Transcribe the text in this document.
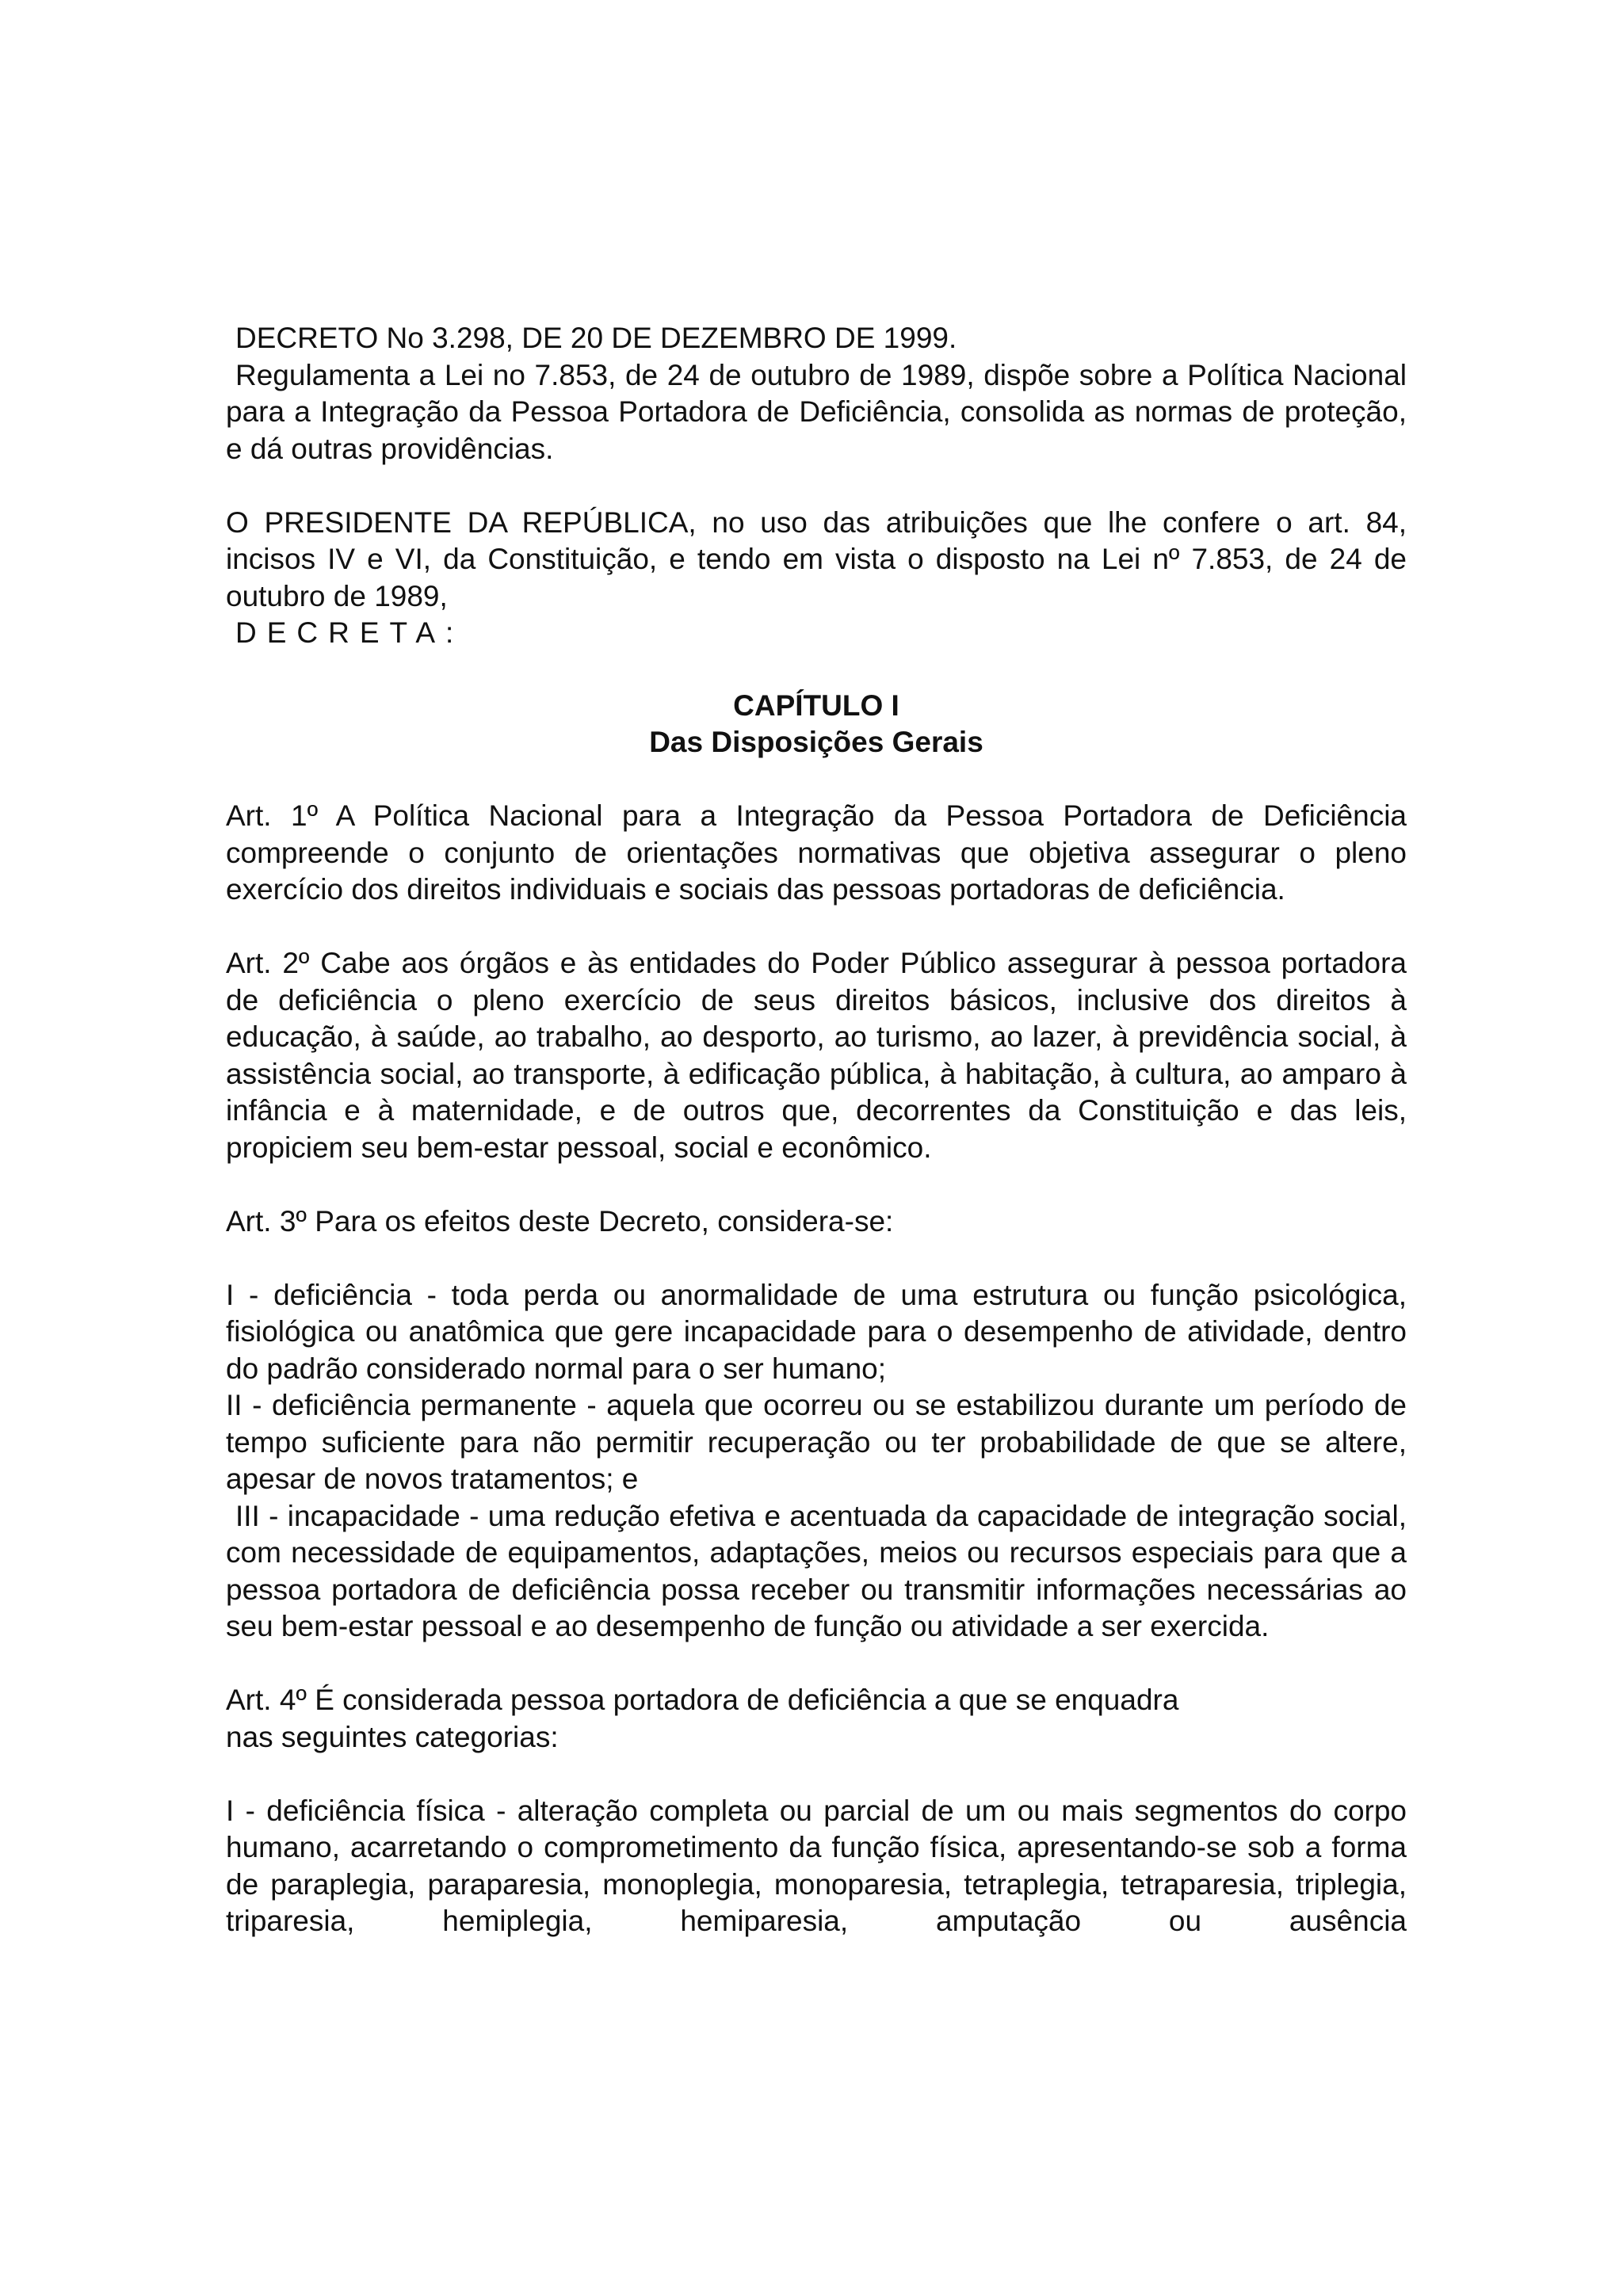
DECRETO No 3.298, DE 20 DE DEZEMBRO DE 1999.

Regulamenta a Lei no 7.853, de 24 de outubro de 1989, dispõe sobre a Política Nacional para a Integração da Pessoa Portadora de Deficiência, consolida as normas de proteção, e dá outras providências.

O PRESIDENTE DA REPÚBLICA, no uso das atribuições que lhe confere o art. 84, incisos IV e VI, da Constituição, e tendo em vista o disposto na Lei nº 7.853, de 24 de outubro de 1989,

DECRETA:

CAPÍTULO I

Das Disposições Gerais

Art. 1º A Política Nacional para a Integração da Pessoa Portadora de Deficiência compreende o conjunto de orientações normativas que objetiva assegurar o pleno exercício dos direitos individuais e sociais das pessoas portadoras de deficiência.

Art. 2º Cabe aos órgãos e às entidades do Poder Público assegurar à pessoa portadora de deficiência o pleno exercício de seus direitos básicos, inclusive dos direitos à educação, à saúde, ao trabalho, ao desporto, ao turismo, ao lazer, à previdência social, à assistência social, ao transporte, à edificação pública, à habitação, à cultura, ao amparo à infância e à maternidade, e de outros que, decorrentes da Constituição e das leis, propiciem seu bem-estar pessoal, social e econômico.

Art. 3º Para os efeitos deste Decreto, considera-se:

I - deficiência - toda perda ou anormalidade de uma estrutura ou função psicológica, fisiológica ou anatômica que gere incapacidade para o desempenho de atividade, dentro do padrão considerado normal para o ser humano;

II - deficiência permanente - aquela que ocorreu ou se estabilizou durante um período de tempo suficiente para não permitir recuperação ou ter probabilidade de que se altere, apesar de novos tratamentos; e

III - incapacidade - uma redução efetiva e acentuada da capacidade de integração social, com necessidade de equipamentos, adaptações, meios ou recursos especiais para que a pessoa portadora de deficiência possa receber ou transmitir informações necessárias ao seu bem-estar pessoal e ao desempenho de função ou atividade a ser exercida.

Art. 4º É considerada pessoa portadora de deficiência a que se enquadra

nas seguintes categorias:

I - deficiência física - alteração completa ou parcial de um ou mais segmentos do corpo humano, acarretando o comprometimento da função física, apresentando-se sob a forma de paraplegia, paraparesia, monoplegia, monoparesia, tetraplegia, tetraparesia, triplegia, triparesia, hemiplegia, hemiparesia, amputação ou ausência
